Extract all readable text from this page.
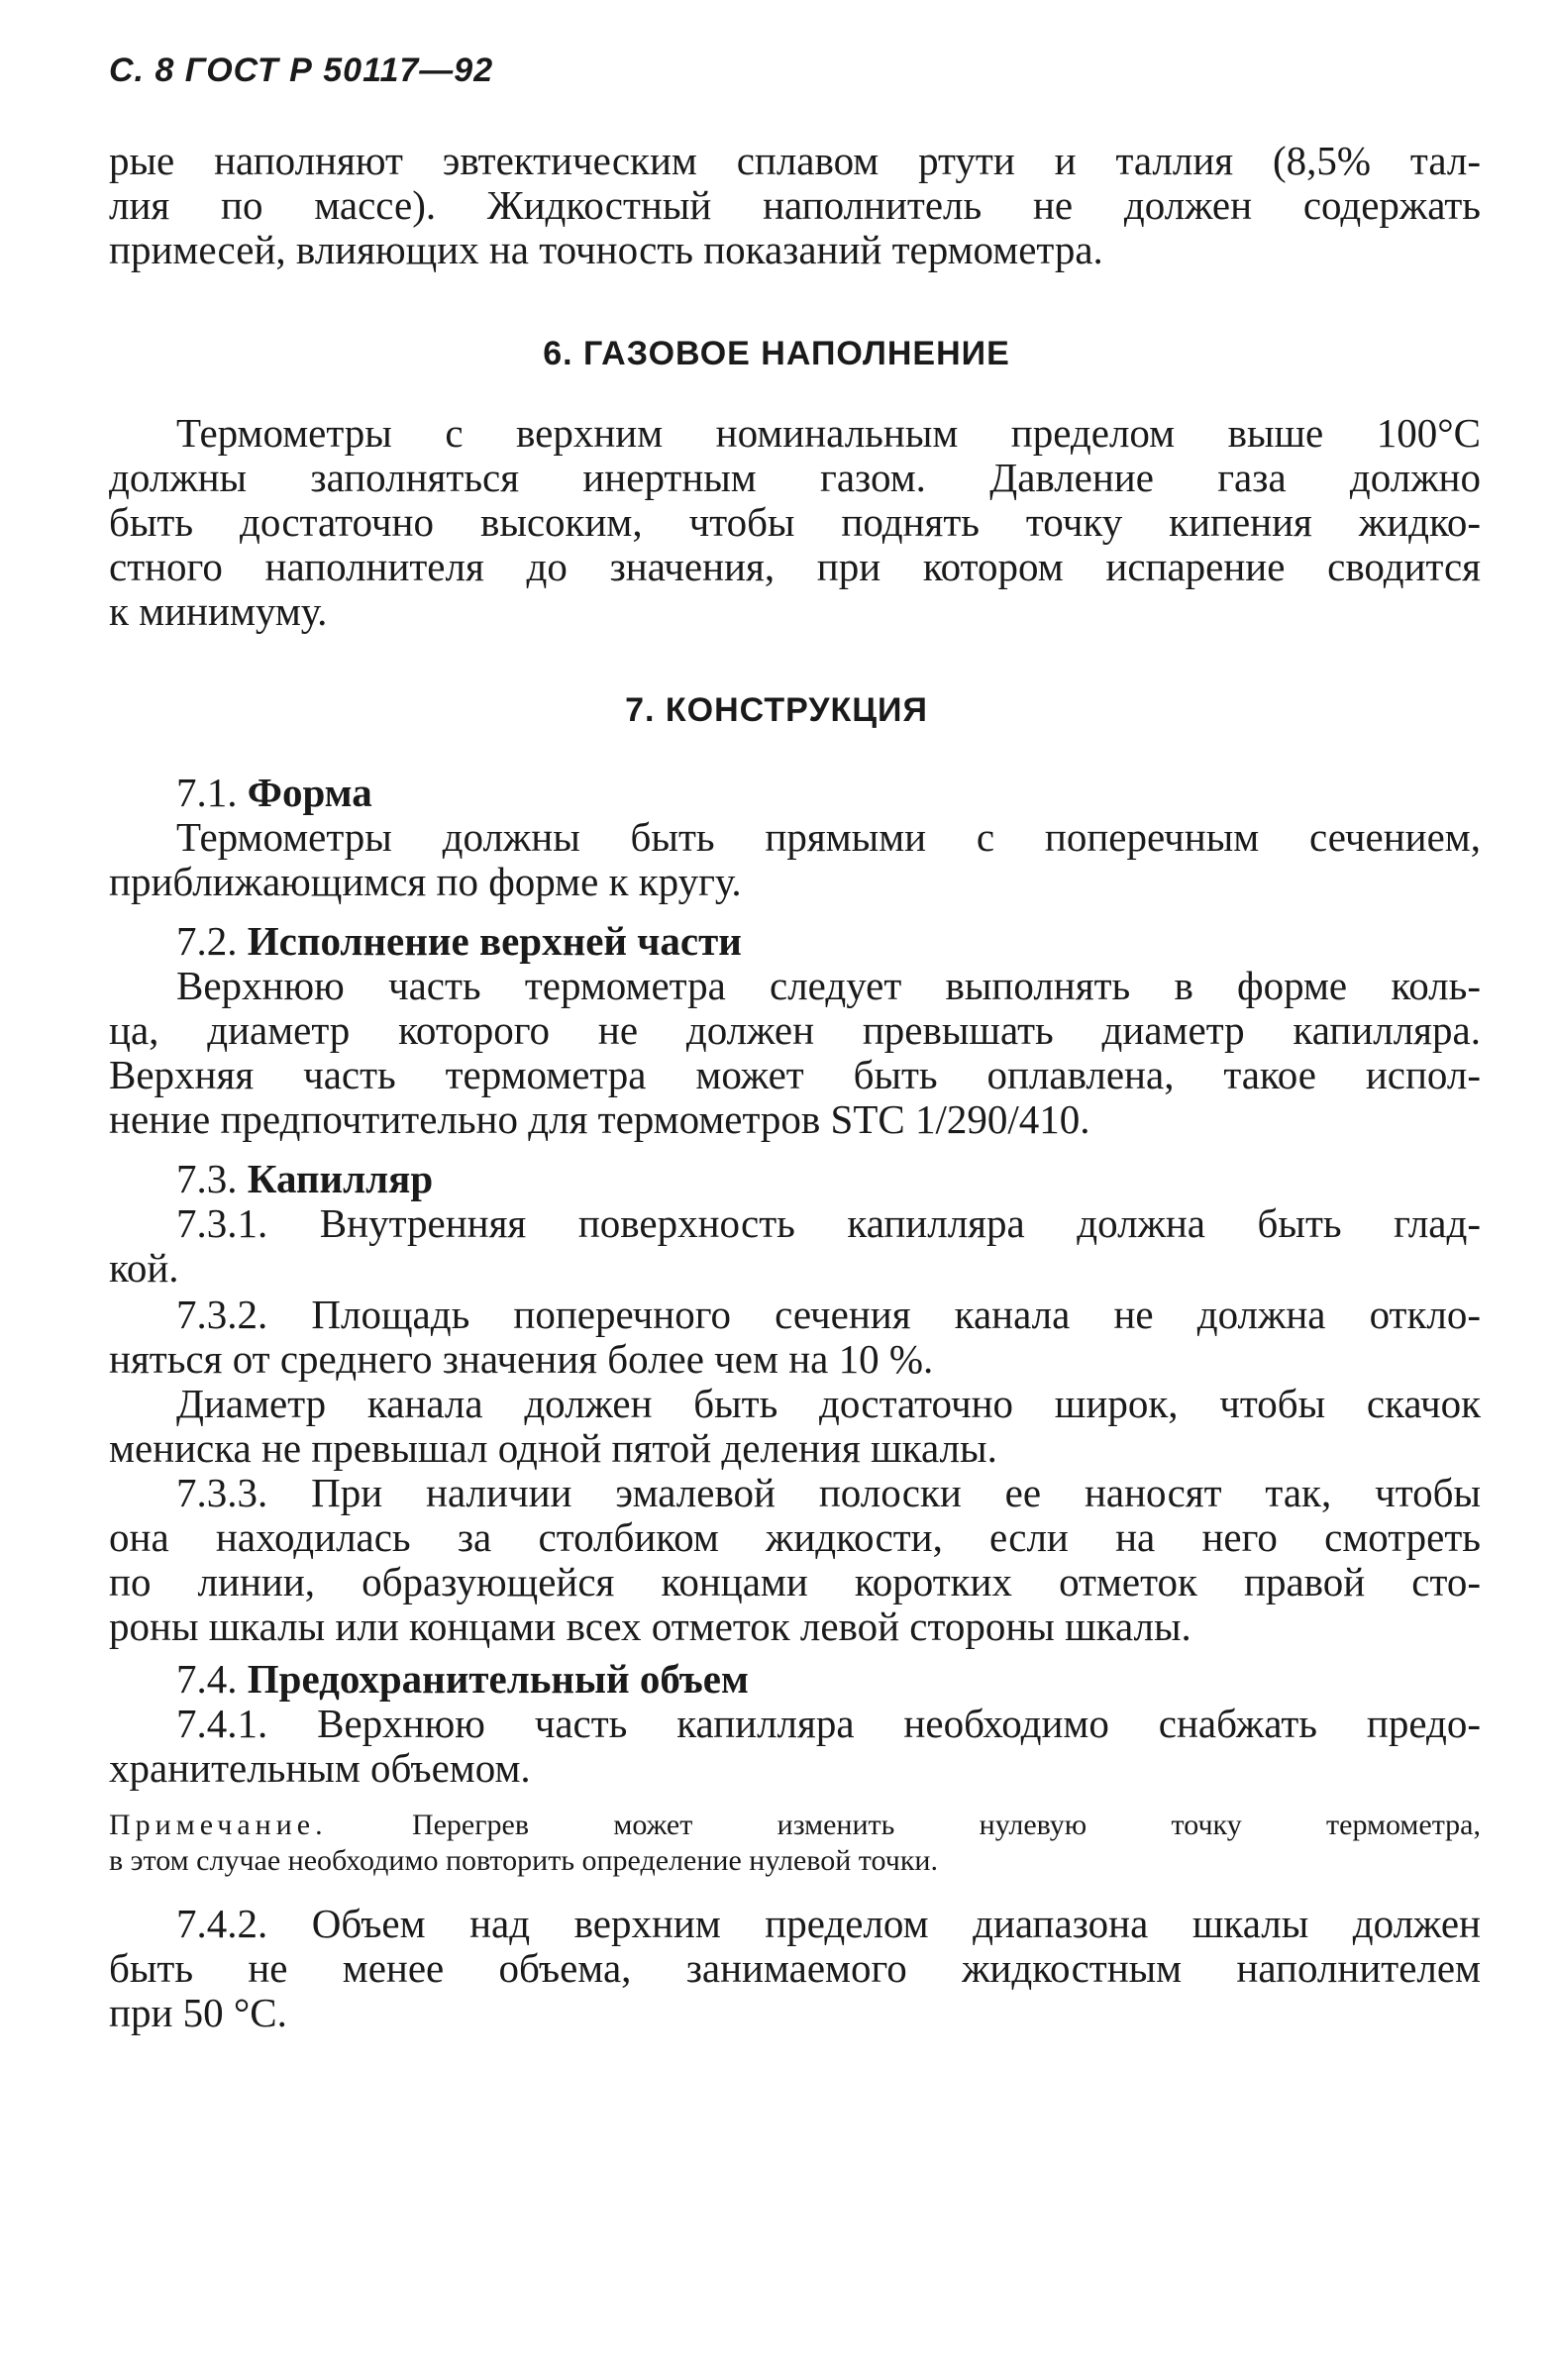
С. 8 ГОСТ Р 50117—92
рые наполняют эвтектическим сплавом ртути и таллия (8,5% тал-
лия по массе). Жидкостный наполнитель не должен содержать
примесей, влияющих на точность показаний термометра.
6. ГАЗОВОЕ НАПОЛНЕНИЕ
Термометры с верхним номинальным пределом выше 100°С
должны заполняться инертным газом. Давление газа должно
быть достаточно высоким, чтобы поднять точку кипения жидко-
стного наполнителя до значения, при котором испарение сводится
к минимуму.
7. КОНСТРУКЦИЯ
7.1. Форма
Термометры должны быть прямыми с поперечным сечением,
приближающимся по форме к кругу.
7.2. Исполнение верхней части
Верхнюю часть термометра следует выполнять в форме коль-
ца, диаметр которого не должен превышать диаметр капилляра.
Верхняя часть термометра может быть оплавлена, такое испол-
нение предпочтительно для термометров STC 1/290/410.
7.3. Капилляр
7.3.1. Внутренняя поверхность капилляра должна быть глад-
кой.
7.3.2. Площадь поперечного сечения канала не должна откло-
няться от среднего значения более чем на 10 %.
Диаметр канала должен быть достаточно широк, чтобы скачок
мениска не превышал одной пятой деления шкалы.
7.3.3. При наличии эмалевой полоски ее наносят так, чтобы
она находилась за столбиком жидкости, если на него смотреть
по линии, образующейся концами коротких отметок правой сто-
роны шкалы или концами всех отметок левой стороны шкалы.
7.4. Предохранительный объем
7.4.1. Верхнюю часть капилляра необходимо снабжать предо-
хранительным объемом.
Примечание.	Перегрев может изменить нулевую точку термометра,
в этом случае необходимо повторить определение нулевой точки.
7.4.2. Объем над верхним пределом диапазона шкалы должен
быть не менее объема, занимаемого жидкостным наполнителем
при 50 °С.
